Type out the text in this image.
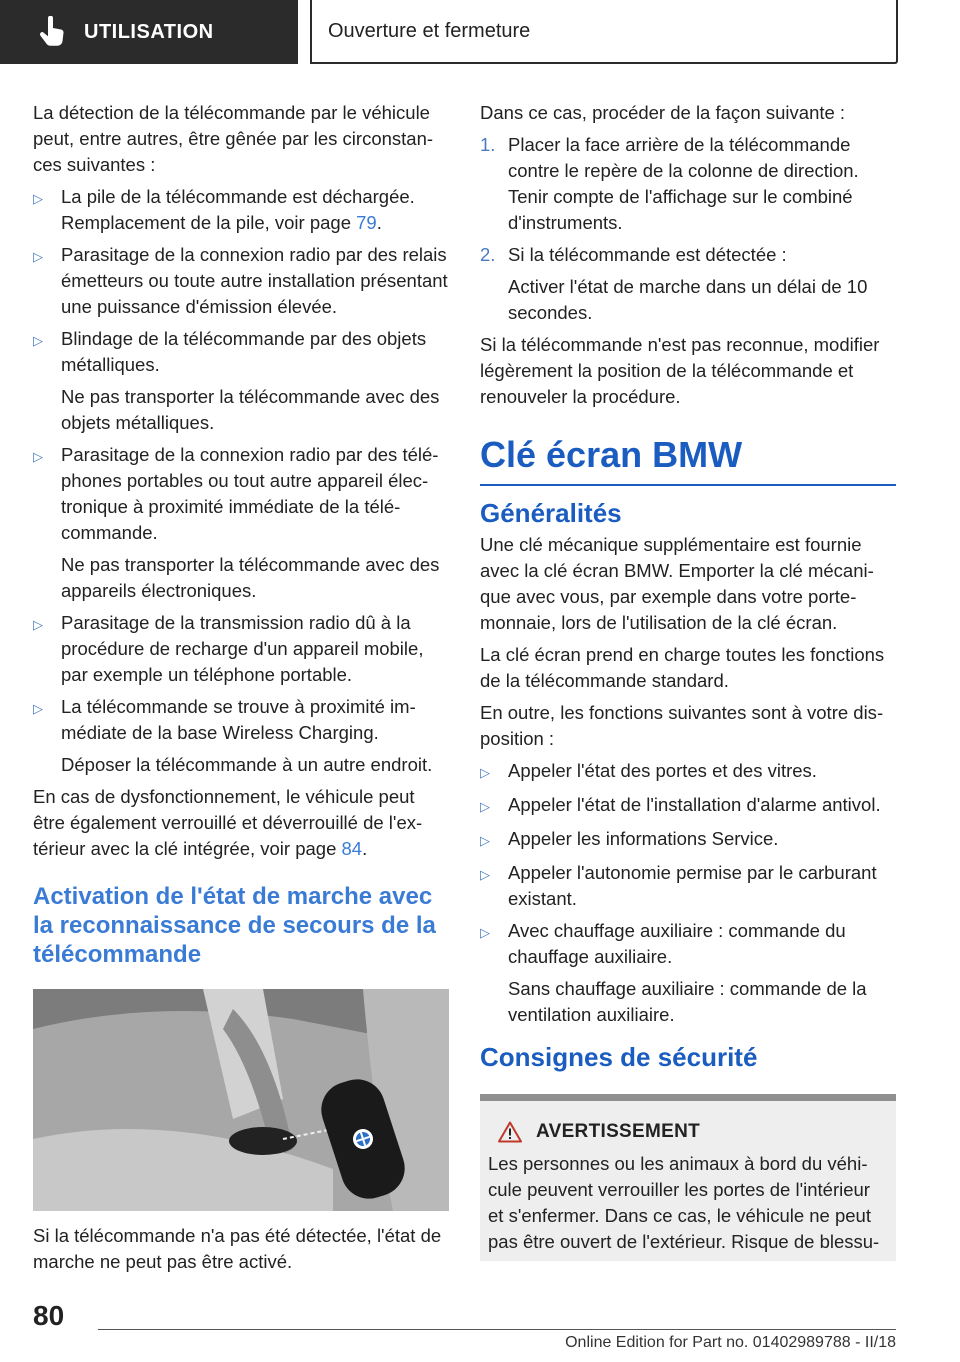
UTILISATION	Ouverture et fermeture

La détection de la télécommande par le véhicule peut, entre autres, être gênée par les circonstances suivantes :

▷ La pile de la télécommande est déchargée. Remplacement de la pile, voir page 79.
▷ Parasitage de la connexion radio par des relais émetteurs ou toute autre installation présentant une puissance d'émission élevée.
▷ Blindage de la télécommande par des objets métalliques.
Ne pas transporter la télécommande avec des objets métalliques.
▷ Parasitage de la connexion radio par des téléphones portables ou tout autre appareil électronique à proximité immédiate de la télécommande.
Ne pas transporter la télécommande avec des appareils électroniques.
▷ Parasitage de la transmission radio dû à la procédure de recharge d'un appareil mobile, par exemple un téléphone portable.
▷ La télécommande se trouve à proximité immédiate de la base Wireless Charging.
Déposer la télécommande à un autre endroit.

En cas de dysfonctionnement, le véhicule peut être également verrouillé et déverrouillé de l'extérieur avec la clé intégrée, voir page 84.

Activation de l'état de marche avec la reconnaissance de secours de la télécommande

Si la télécommande n'a pas été détectée, l'état de marche ne peut pas être activé.

Dans ce cas, procéder de la façon suivante :

1. Placer la face arrière de la télécommande contre le repère de la colonne de direction. Tenir compte de l'affichage sur le combiné d'instruments.
2. Si la télécommande est détectée :
Activer l'état de marche dans un délai de 10 secondes.

Si la télécommande n'est pas reconnue, modifier légèrement la position de la télécommande et renouveler la procédure.

Clé écran BMW
Généralités

Une clé mécanique supplémentaire est fournie avec la clé écran BMW. Emporter la clé mécanique avec vous, par exemple dans votre porte-monnaie, lors de l'utilisation de la clé écran.

La clé écran prend en charge toutes les fonctions de la télécommande standard.

En outre, les fonctions suivantes sont à votre disposition :

▷ Appeler l'état des portes et des vitres.
▷ Appeler l'état de l'installation d'alarme antivol.
▷ Appeler les informations Service.
▷ Appeler l'autonomie permise par le carburant existant.
▷ Avec chauffage auxiliaire : commande du chauffage auxiliaire.
Sans chauffage auxiliaire : commande de la ventilation auxiliaire.
Consignes de sécurité
AVERTISSEMENT
Les personnes ou les animaux à bord du véhicule peuvent verrouiller les portes de l'intérieur et s'enfermer. Dans ce cas, le véhicule ne peut pas être ouvert de l'extérieur. Risque de blessu-
80
Online Edition for Part no. 01402989788 - II/18
